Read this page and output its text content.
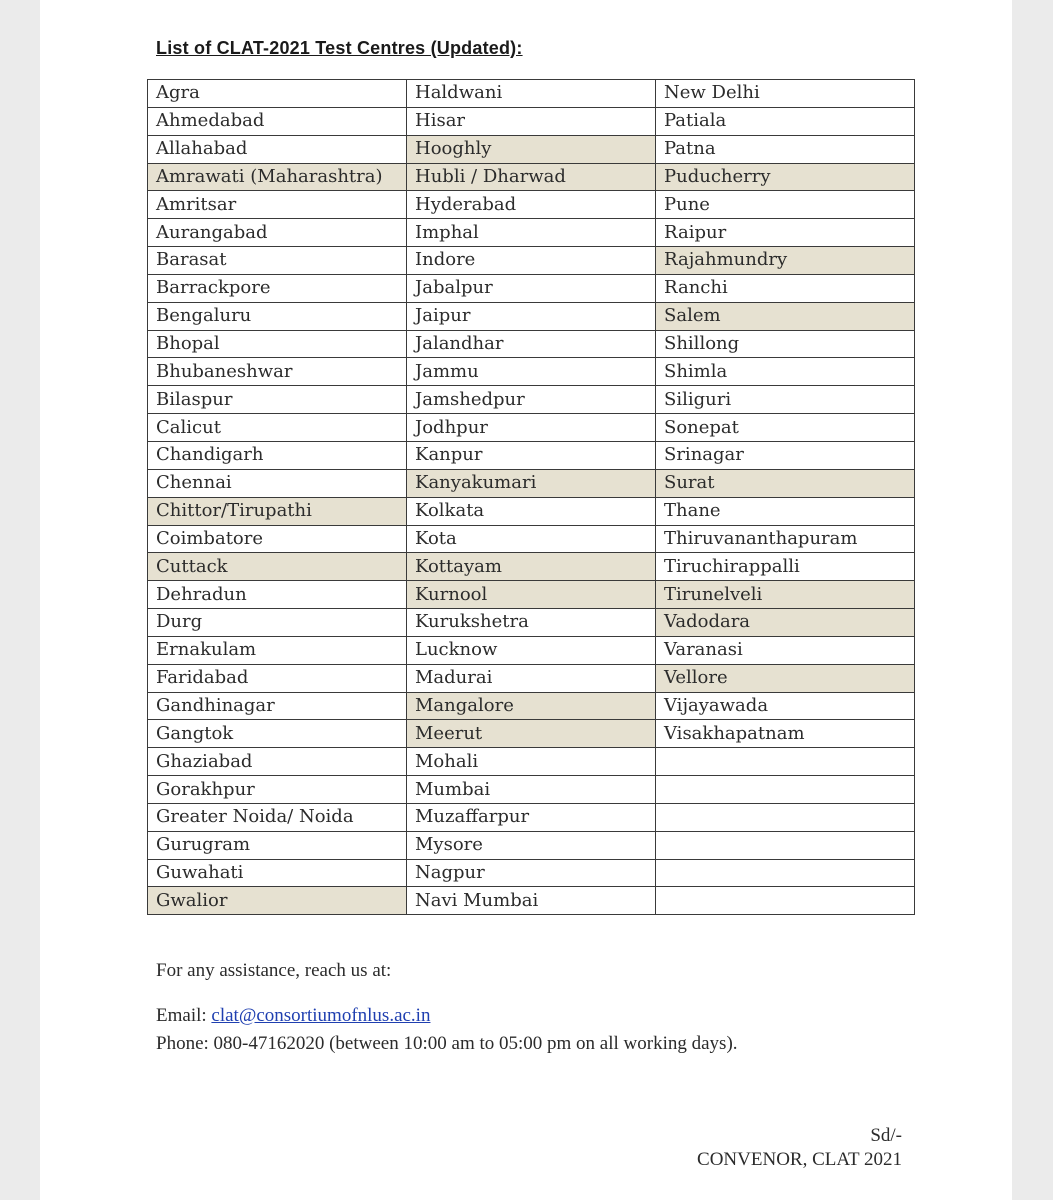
List of CLAT-2021 Test Centres (Updated):
Agra	Haldwani	New Delhi
Ahmedabad	Hisar	Patiala
Allahabad	Hooghly	Patna
Amrawati (Maharashtra)	Hubli / Dharwad	Puducherry
Amritsar	Hyderabad	Pune
Aurangabad	Imphal	Raipur
Barasat	Indore	Rajahmundry
Barrackpore	Jabalpur	Ranchi
Bengaluru	Jaipur	Salem
Bhopal	Jalandhar	Shillong
Bhubaneshwar	Jammu	Shimla
Bilaspur	Jamshedpur	Siliguri
Calicut	Jodhpur	Sonepat
Chandigarh	Kanpur	Srinagar
Chennai	Kanyakumari	Surat
Chittor/Tirupathi	Kolkata	Thane
Coimbatore	Kota	Thiruvananthapuram
Cuttack	Kottayam	Tiruchirappalli
Dehradun	Kurnool	Tirunelveli
Durg	Kurukshetra	Vadodara
Ernakulam	Lucknow	Varanasi
Faridabad	Madurai	Vellore
Gandhinagar	Mangalore	Vijayawada
Gangtok	Meerut	Visakhapatnam
Ghaziabad	Mohali	
Gorakhpur	Mumbai	
Greater Noida/ Noida	Muzaffarpur	
Gurugram	Mysore	
Guwahati	Nagpur	
Gwalior	Navi Mumbai	
For any assistance, reach us at:
Email: clat@consortiumofnlus.ac.in
Phone: 080-47162020 (between 10:00 am to 05:00 pm on all working days).
Sd/-
CONVENOR, CLAT 2021
